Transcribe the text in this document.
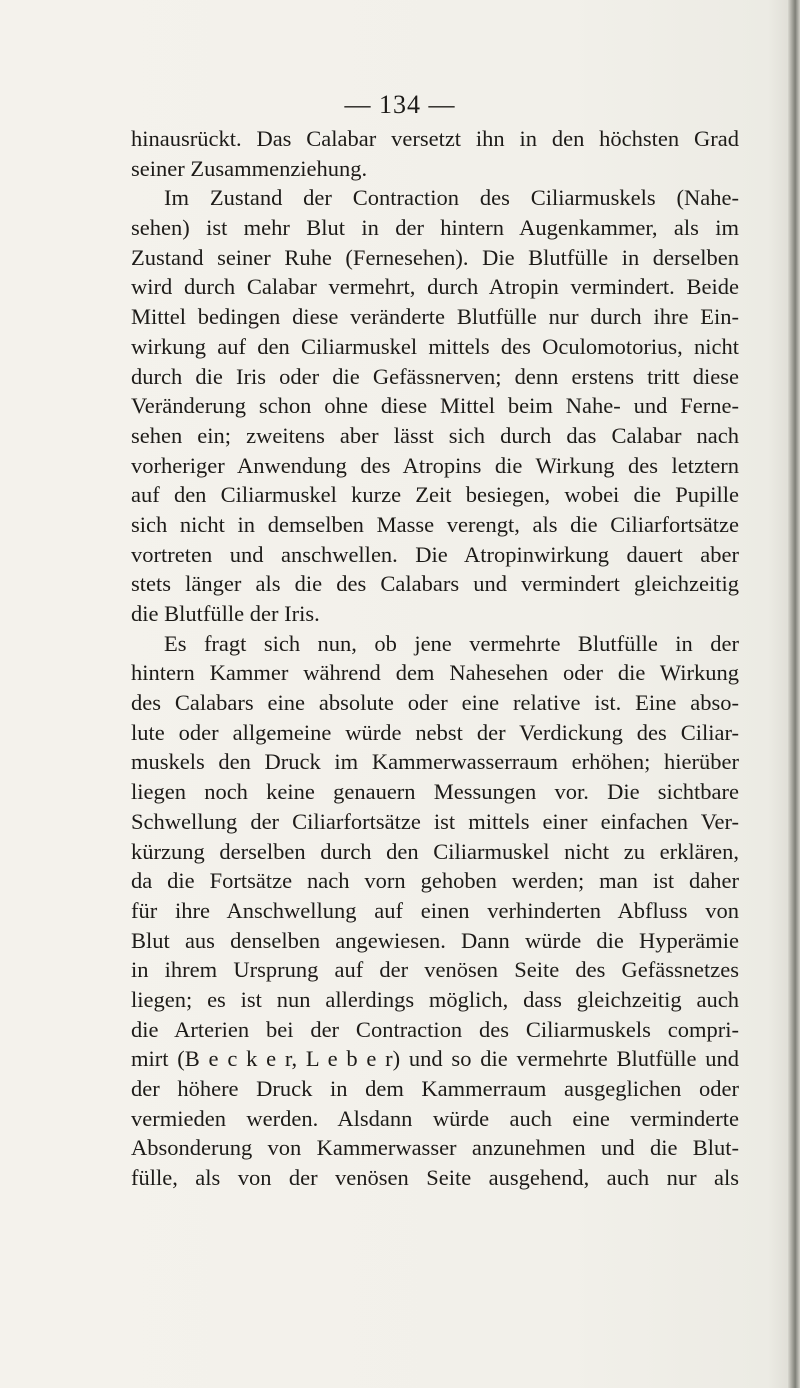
— 134 —
hinausrückt. Das Calabar versetzt ihn in den höchsten Grad
seiner Zusammenziehung.
Im Zustand der Contraction des Ciliarmuskels (Nahe-
sehen) ist mehr Blut in der hintern Augenkammer, als im
Zustand seiner Ruhe (Fernesehen). Die Blutfülle in derselben
wird durch Calabar vermehrt, durch Atropin vermindert. Beide
Mittel bedingen diese veränderte Blutfülle nur durch ihre Ein-
wirkung auf den Ciliarmuskel mittels des Oculomotorius, nicht
durch die Iris oder die Gefässnerven; denn erstens tritt diese
Veränderung schon ohne diese Mittel beim Nahe- und Ferne-
sehen ein; zweitens aber lässt sich durch das Calabar nach
vorheriger Anwendung des Atropins die Wirkung des letztern
auf den Ciliarmuskel kurze Zeit besiegen, wobei die Pupille
sich nicht in demselben Masse verengt, als die Ciliarfortsätze
vortreten und anschwellen. Die Atropinwirkung dauert aber
stets länger als die des Calabars und vermindert gleichzeitig
die Blutfülle der Iris.
Es fragt sich nun, ob jene vermehrte Blutfülle in der
hintern Kammer während dem Nahesehen oder die Wirkung
des Calabars eine absolute oder eine relative ist. Eine abso-
lute oder allgemeine würde nebst der Verdickung des Ciliar-
muskels den Druck im Kammerwasserraum erhöhen; hierüber
liegen noch keine genauern Messungen vor. Die sichtbare
Schwellung der Ciliarfortsätze ist mittels einer einfachen Ver-
kürzung derselben durch den Ciliarmuskel nicht zu erklären,
da die Fortsätze nach vorn gehoben werden; man ist daher
für ihre Anschwellung auf einen verhinderten Abfluss von
Blut aus denselben angewiesen. Dann würde die Hyperämie
in ihrem Ursprung auf der venösen Seite des Gefässnetzes
liegen; es ist nun allerdings möglich, dass gleichzeitig auch
die Arterien bei der Contraction des Ciliarmuskels compri-
mirt (B e c k e r, L e b e r) und so die vermehrte Blutfülle und
der höhere Druck in dem Kammerraum ausgeglichen oder
vermieden werden. Alsdann würde auch eine verminderte
Absonderung von Kammerwasser anzunehmen und die Blut-
fülle, als von der venösen Seite ausgehend, auch nur als
